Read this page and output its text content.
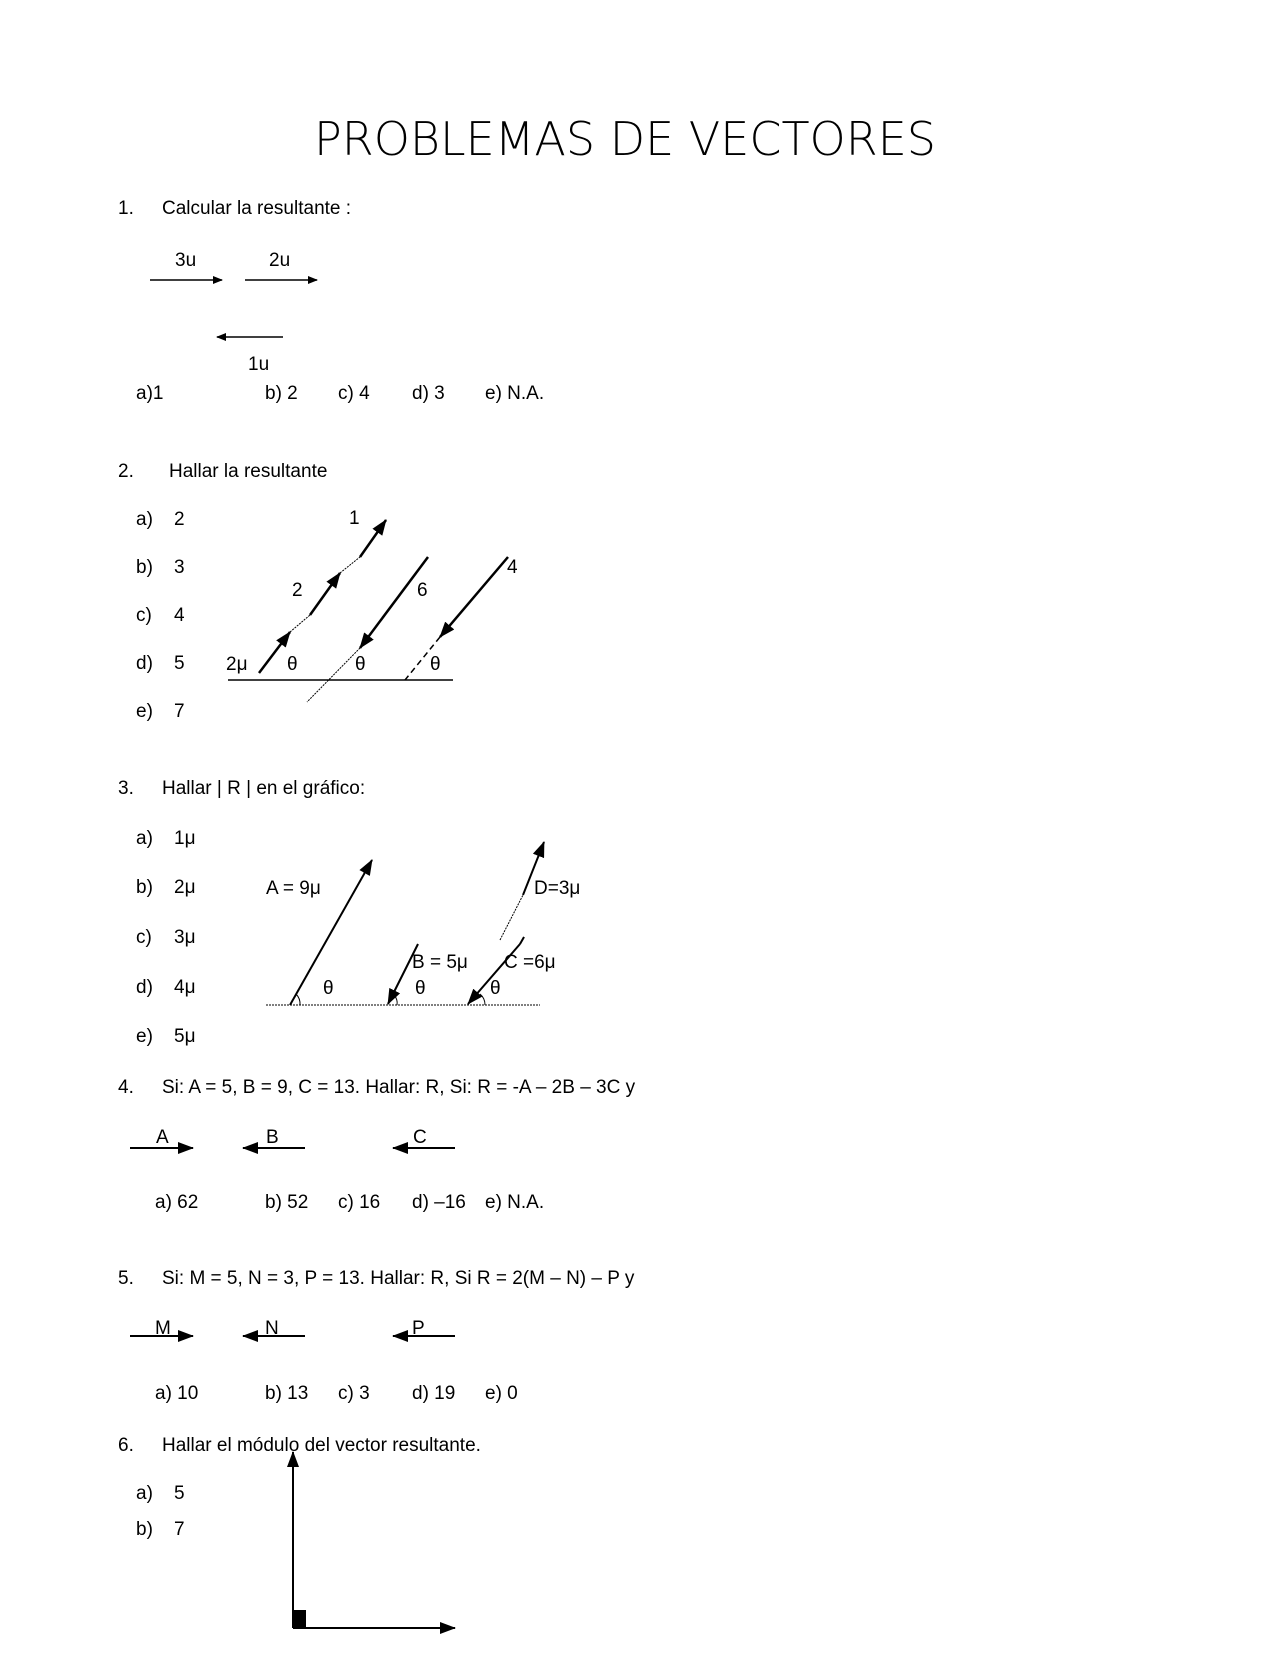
PROBLEMAS DE VECTORES
3u	2u
1u
1
2	6
4
2μ θ	θ	θ
A = 9μ	D=3μ
B = 5μ C =6μ
θ	θ	θ
A	B	C
M	N	P
1. Calcular la resultante :
a)1	b) 2 c) 4 d) 3 e) N.A.
2. Hallar la resultante
a) 2
b) 3
c) 4
d) 5
e) 7
3. Hallar | R | en el gráfico:
a) 1μ
b) 2μ
c) 3μ
d) 4μ
e) 5μ
4. Si: A = 5, B = 9, C = 13. Hallar: R, Si: R = -A – 2B – 3C y
a) 62	b) 52 c) 16 d) –16 e) N.A.
5. Si: M = 5, N = 3, P = 13. Hallar: R, Si R = 2(M – N) – P y
a) 10	b) 13 c) 3 d) 19 e) 0
6. Hallar el módulo del vector resultante.
a) 5
b) 7
